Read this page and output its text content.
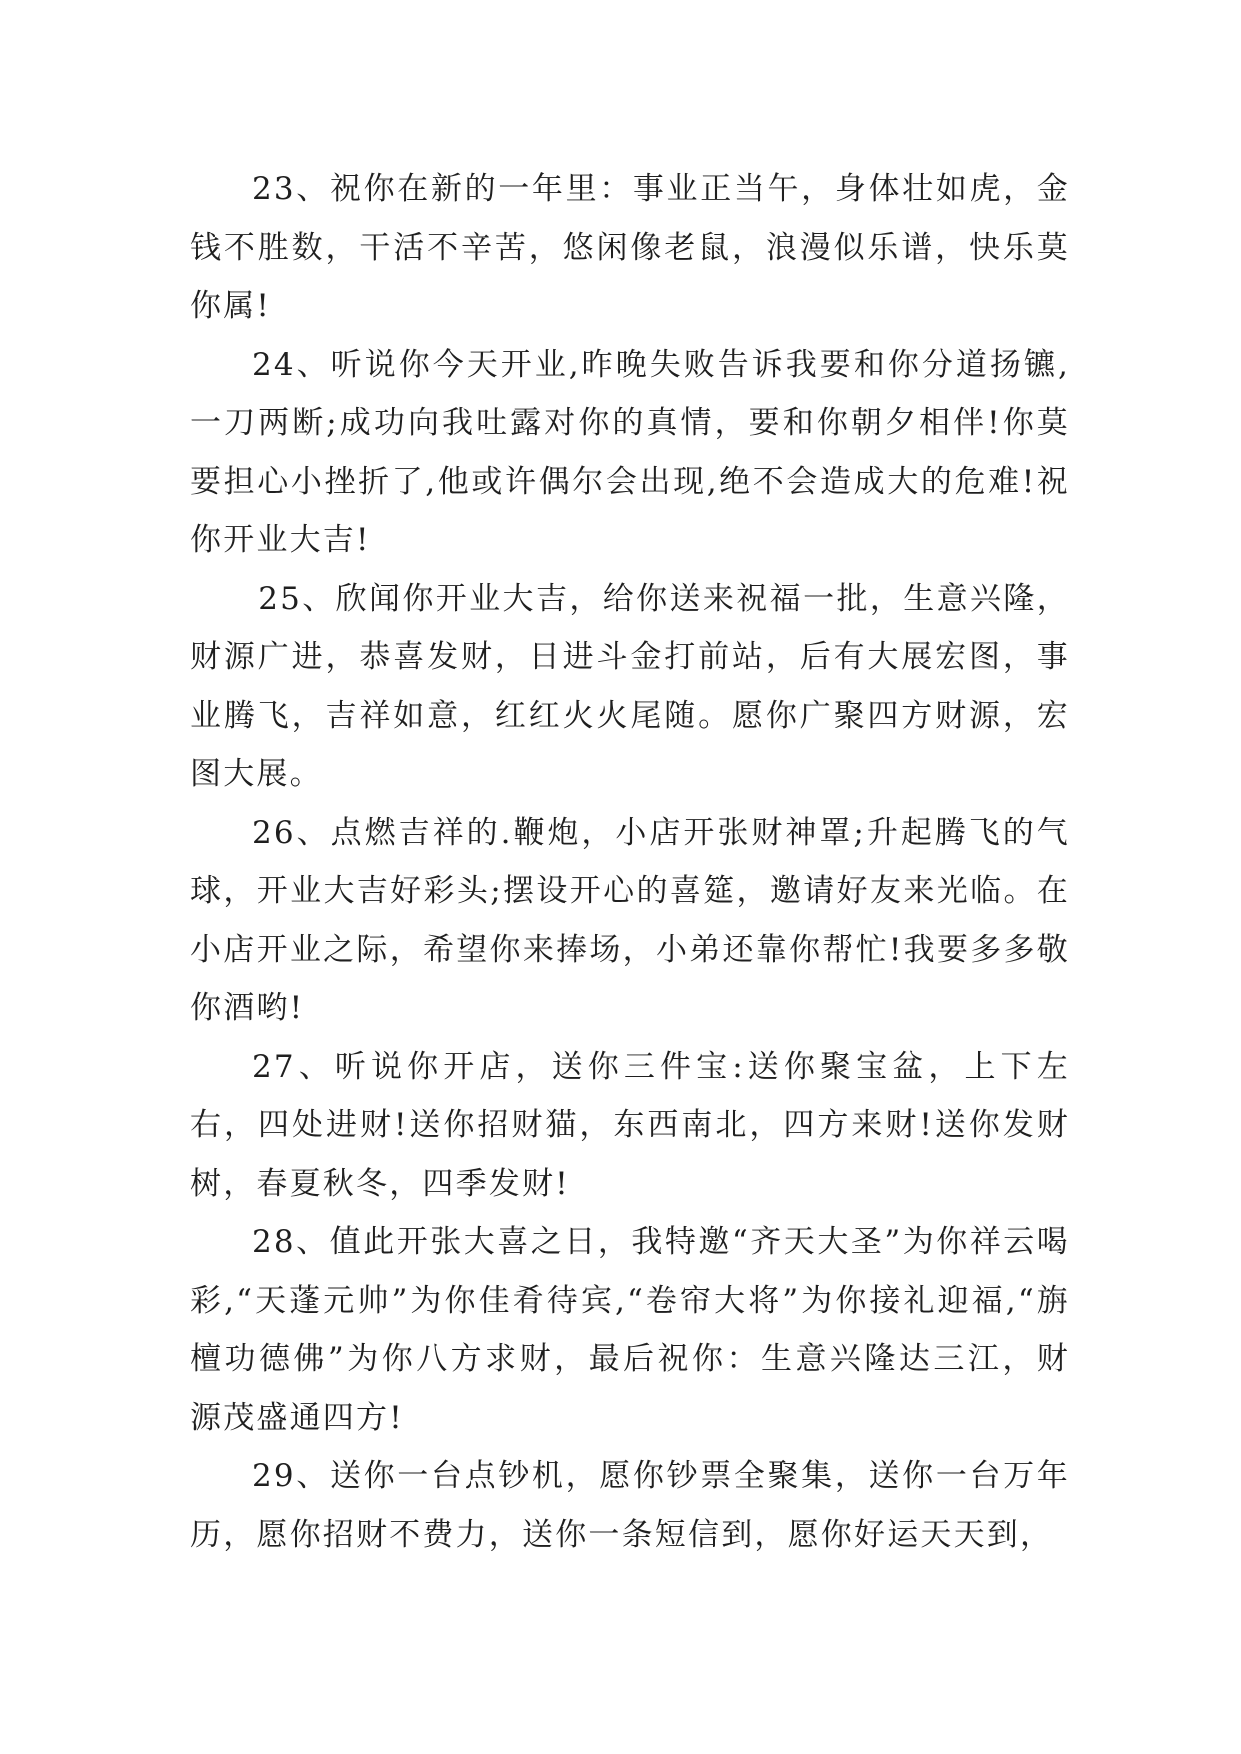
23、祝你在新的一年里：事业正当午，身体壮如虎，金钱不胜数，干活不辛苦，悠闲像老鼠，浪漫似乐谱，快乐莫你属!

24、听说你今天开业,昨晚失败告诉我要和你分道扬镳,一刀两断;成功向我吐露对你的真情，要和你朝夕相伴!你莫要担心小挫折了,他或许偶尔会出现,绝不会造成大的危难!祝你开业大吉!

25、欣闻你开业大吉，给你送来祝福一批，生意兴隆，财源广进，恭喜发财，日进斗金打前站，后有大展宏图，事业腾飞，吉祥如意，红红火火尾随。愿你广聚四方财源，宏图大展。

26、点燃吉祥的.鞭炮，小店开张财神罩;升起腾飞的气球，开业大吉好彩头;摆设开心的喜筵，邀请好友来光临。在小店开业之际，希望你来捧场，小弟还靠你帮忙!我要多多敬你酒哟!

27、听说你开店，送你三件宝:送你聚宝盆，上下左右，四处进财!送你招财猫，东西南北，四方来财!送你发财树，春夏秋冬，四季发财!

28、值此开张大喜之日，我特邀“齐天大圣”为你祥云喝彩,“天蓬元帅”为你佳肴待宾,“卷帘大将”为你接礼迎福,“旃檀功德佛”为你八方求财，最后祝你：生意兴隆达三江，财源茂盛通四方!

29、送你一台点钞机，愿你钞票全聚集，送你一台万年历，愿你招财不费力，送你一条短信到，愿你好运天天到，
